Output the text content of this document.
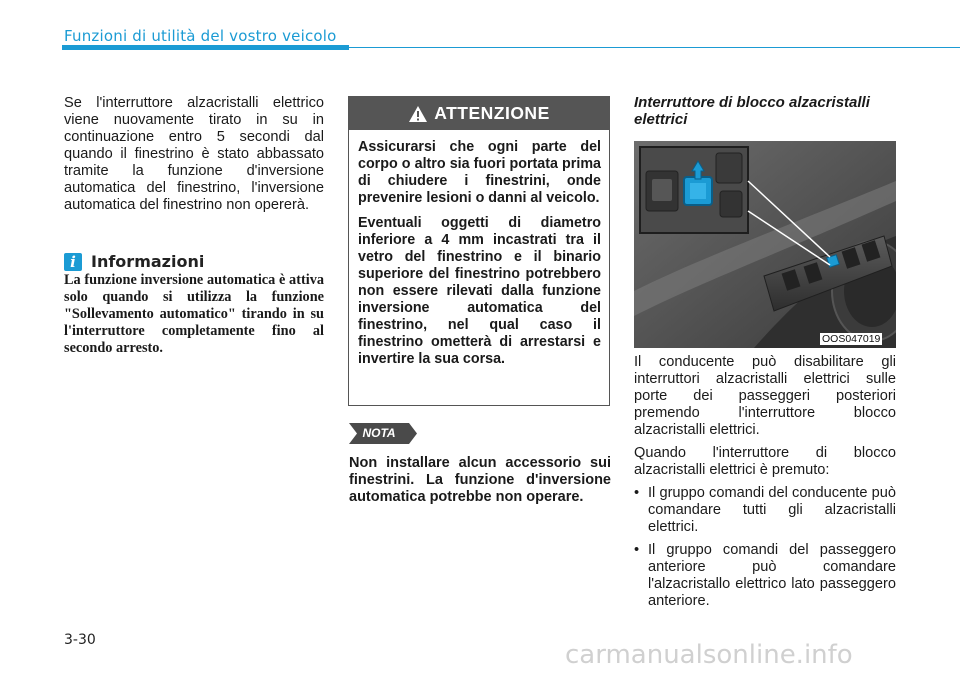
Funzioni di utilità del vostro veicolo

Se l'interruttore alzacristalli elettrico viene nuovamente tirato in su in continuazione entro 5 secondi dal quando il finestrino è stato abbassato tramite la funzione d'inversione automatica del finestrino, l'inversione automatica del finestrino non opererà.

i Informazioni
La funzione inversione automatica è attiva solo quando si utilizza la funzione "Sollevamento automatico" tirando in su l'interruttore completamente fino al secondo arresto.
ATTENZIONE

Assicurarsi che ogni parte del corpo o altro sia fuori portata prima di chiudere i finestrini, onde prevenire lesioni o danni al veicolo.

Eventuali oggetti di diametro inferiore a 4 mm incastrati tra il vetro del finestrino e il binario superiore del finestrino potrebbero non essere rilevati dalla funzione inversione automatica del finestrino, nel qual caso il finestrino ometterà di arrestarsi e invertire la sua corsa.

NOTA
Non installare alcun accessorio sui finestrini. La funzione d'inversione automatica potrebbe non operare.
Interruttore di blocco alzacristalli elettrici
OOS047019

Il conducente può disabilitare gli interruttori alzacristalli elettrici sulle porte dei passeggeri posteriori premendo l'interruttore blocco alzacristalli elettrici.

Quando l'interruttore di blocco alzacristalli elettrici è premuto:

• Il gruppo comandi del conducente può comandare tutti gli alzacristalli elettrici.
• Il gruppo comandi del passeggero anteriore può comandare l'alzacristallo elettrico lato passeggero anteriore.
3-30	carmanualsonline.info
